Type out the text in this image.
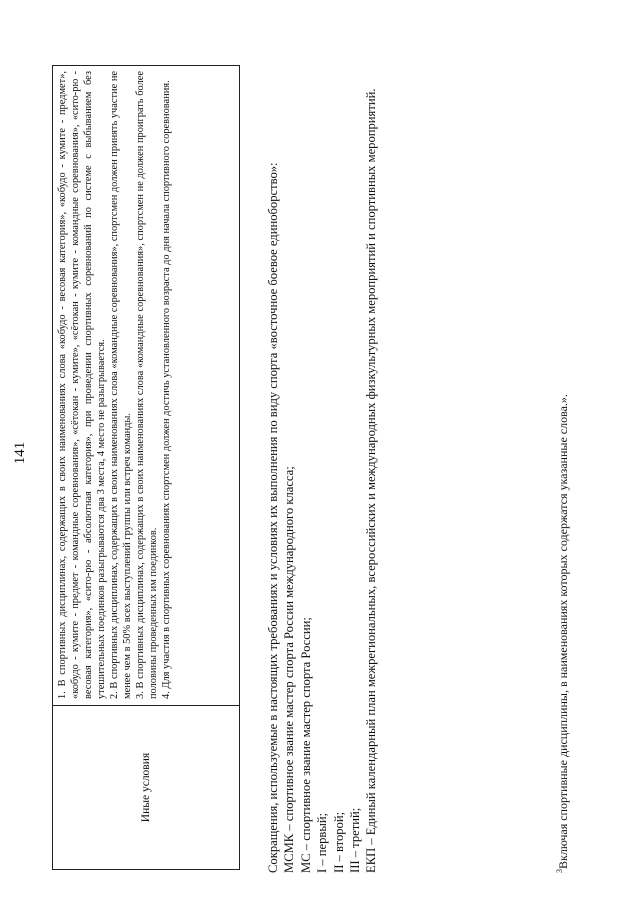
141
Иные условия

1. В спортивных дисциплинах, содержащих в своих наименованиях слова «кобудо - весовая категория», «кобудо - кумите - предмет», «кобудо - кумите - предмет - командные соревнования», «сётокан - кумите», «сётокан - кумите - командные соревнования», «сито-рю - весовая категория», «сито-рю - абсолютная категория», при проведении спортивных соревнований по системе с выбыванием без утешительных поединков разыгрываются два 3 места, 4 место не разыгрывается. 2. В спортивных дисциплинах, содержащих в своих наименованиях слова «командные соревнования», спортсмен должен принять участие не менее чем в 50% всех выступлений группы или встреч команды. 3. В спортивных дисциплинах, содержащих в своих наименованиях слова «командные соревнования», спортсмен не должен проиграть более половины проведенных им поединков. 4. Для участия в спортивных соревнованиях спортсмен должен достичь установленного возраста до дня начала спортивного соревнования.	Сокращения, используемые в настоящих требованиях и условиях их выполнения по виду спорта «восточное боевое единоборство»: МСМК – спортивное звание мастер спорта России международного класса; МС – спортивное звание мастер спорта России; I – первый; II – второй; III – третий; ЕКП – Единый календарный план межрегиональных, всероссийских и международных физкультурных мероприятий и спортивных мероприятий.	$^3$Включая спортивные дисциплины, в наименованиях которых содержатся указанные слова.».
